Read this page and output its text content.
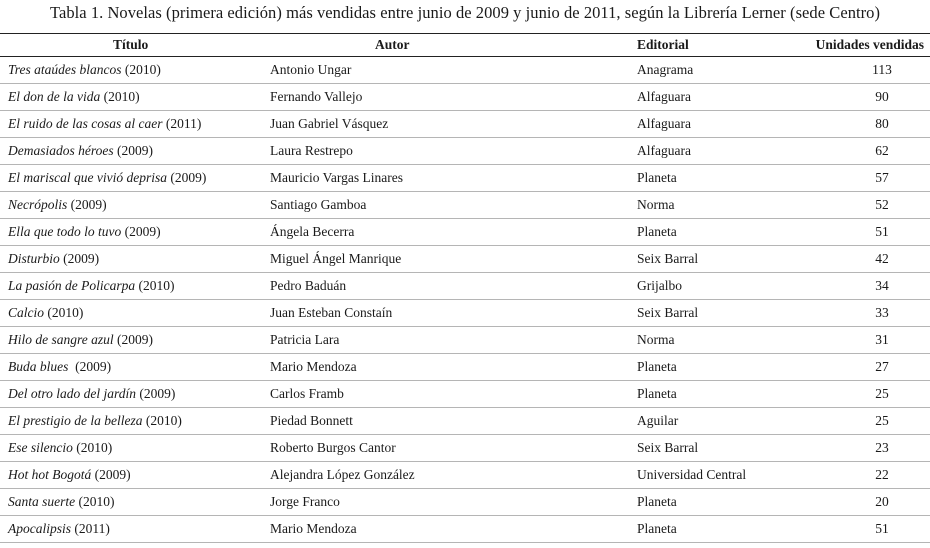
Tabla 1. Novelas (primera edición) más vendidas entre junio de 2009 y junio de 2011, según la Librería Lerner (sede Centro)
Título	Autor	Editorial	Unidades vendidas
Tres ataúdes blancos (2010)	Antonio Ungar	Anagrama	113
El don de la vida (2010)	Fernando Vallejo	Alfaguara	90
El ruido de las cosas al caer (2011)	Juan Gabriel Vásquez	Alfaguara	80
Demasiados héroes (2009)	Laura Restrepo	Alfaguara	62
El mariscal que vivió deprisa (2009)	Mauricio Vargas Linares	Planeta	57
Necrópolis (2009)	Santiago Gamboa	Norma	52
Ella que todo lo tuvo (2009)	Ángela Becerra	Planeta	51
Disturbio (2009)	Miguel Ángel Manrique	Seix Barral	42
La pasión de Policarpa (2010)	Pedro Baduán	Grijalbo	34
Calcio (2010)	Juan Esteban Constaín	Seix Barral	33
Hilo de sangre azul (2009)	Patricia Lara	Norma	31
Buda blues  (2009)	Mario Mendoza	Planeta	27
Del otro lado del jardín (2009)	Carlos Framb	Planeta	25
El prestigio de la belleza (2010)	Piedad Bonnett	Aguilar	25
Ese silencio (2010)	Roberto Burgos Cantor	Seix Barral	23
Hot hot Bogotá (2009)	Alejandra López González	Universidad Central	22
Santa suerte (2010)	Jorge Franco	Planeta	20
Apocalipsis (2011)	Mario Mendoza	Planeta	51
